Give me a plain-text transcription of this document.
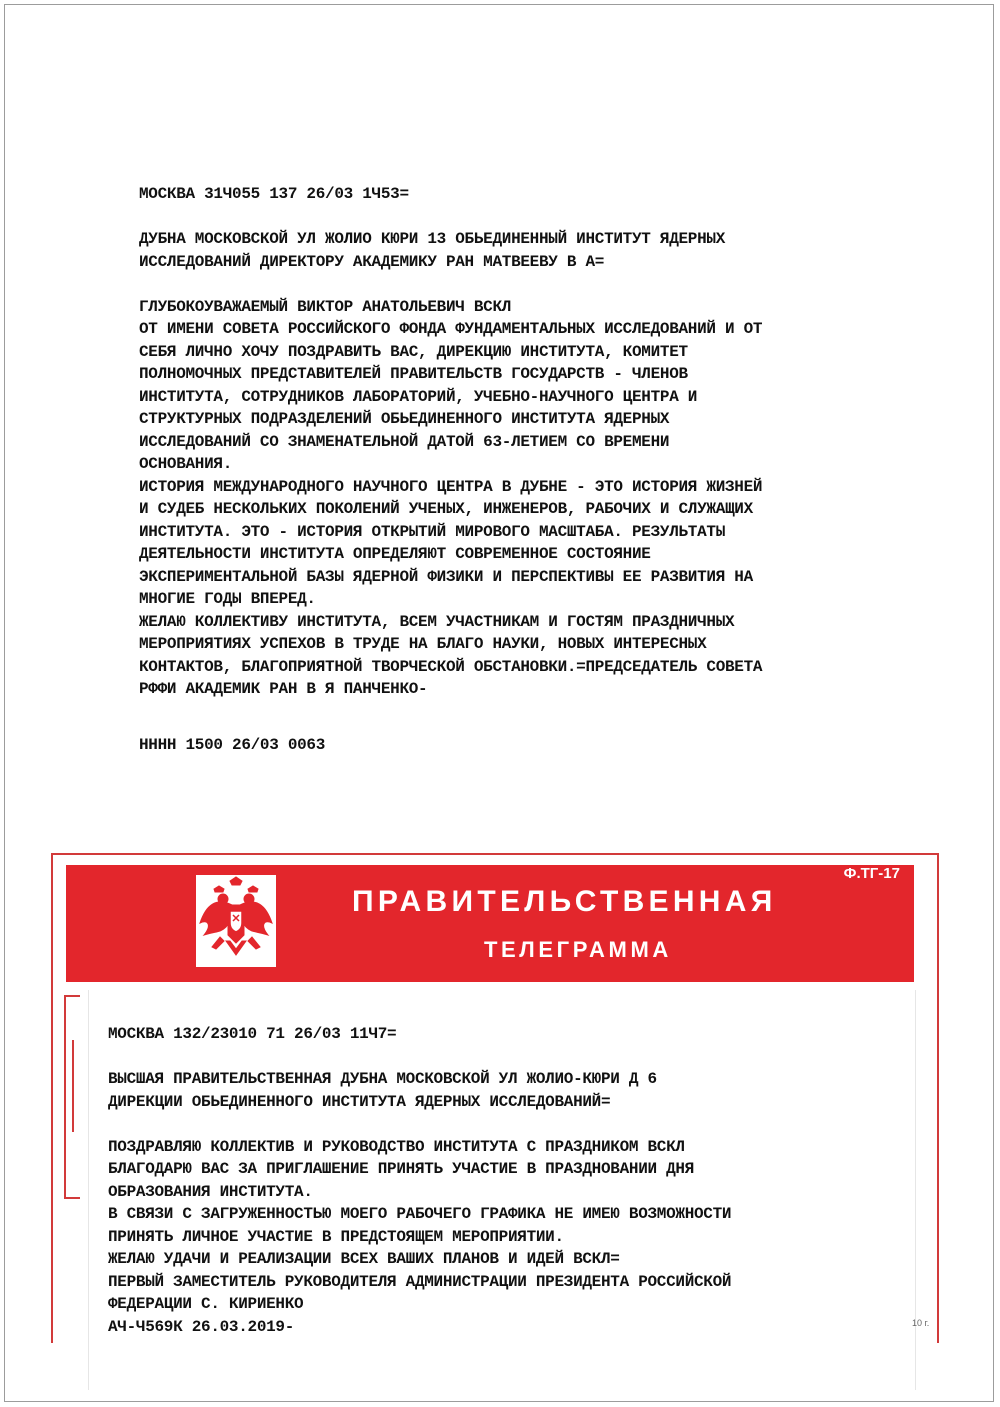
МОСКВА 31Ч055 137 26/03 1Ч53=
ДУБНА МОСКОВСКОЙ УЛ ЖОЛИО КЮРИ 13 ОБЬЕДИНЕННЫЙ ИНСТИТУТ ЯДЕРНЫХ
ИССЛЕДОВАНИЙ ДИРЕКТОРУ АКАДЕМИКУ РАН МАТВЕЕВУ В А=
ГЛУБОКОУВАЖАЕМЫЙ ВИКТОР АНАТОЛЬЕВИЧ ВСКЛ
ОТ ИМЕНИ СОВЕТА РОССИЙСКОГО ФОНДА ФУНДАМЕНТАЛЬНЫХ ИССЛЕДОВАНИЙ И ОТ
СЕБЯ ЛИЧНО ХОЧУ ПОЗДРАВИТЬ ВАС, ДИРЕКЦИЮ ИНСТИТУТА, КОМИТЕТ
ПОЛНОМОЧНЫХ ПРЕДСТАВИТЕЛЕЙ ПРАВИТЕЛЬСТВ ГОСУДАРСТВ - ЧЛЕНОВ
ИНСТИТУТА, СОТРУДНИКОВ ЛАБОРАТОРИЙ, УЧЕБНО-НАУЧНОГО ЦЕНТРА И
СТРУКТУРНЫХ ПОДРАЗДЕЛЕНИЙ ОБЬЕДИНЕННОГО ИНСТИТУТА ЯДЕРНЫХ
ИССЛЕДОВАНИЙ СО ЗНАМЕНАТЕЛЬНОЙ ДАТОЙ 63-ЛЕТИЕМ СО ВРЕМЕНИ
ОСНОВАНИЯ.
ИСТОРИЯ МЕЖДУНАРОДНОГО НАУЧНОГО ЦЕНТРА В ДУБНЕ - ЭТО ИСТОРИЯ ЖИЗНЕЙ
И СУДЕБ НЕСКОЛЬКИХ ПОКОЛЕНИЙ УЧЕНЫХ, ИНЖЕНЕРОВ, РАБОЧИХ И СЛУЖАЩИХ
ИНСТИТУТА. ЭТО - ИСТОРИЯ ОТКРЫТИЙ МИРОВОГО МАСШТАБА. РЕЗУЛЬТАТЫ
ДЕЯТЕЛЬНОСТИ ИНСТИТУТА ОПРЕДЕЛЯЮТ СОВРЕМЕННОЕ СОСТОЯНИЕ
ЭКСПЕРИМЕНТАЛЬНОЙ БАЗЫ ЯДЕРНОЙ ФИЗИКИ И ПЕРСПЕКТИВЫ ЕЕ РАЗВИТИЯ НА
МНОГИЕ ГОДЫ ВПЕРЕД.
ЖЕЛАЮ КОЛЛЕКТИВУ ИНСТИТУТА, ВСЕМ УЧАСТНИКАМ И ГОСТЯМ ПРАЗДНИЧНЫХ
МЕРОПРИЯТИЯХ УСПЕХОВ В ТРУДЕ НА БЛАГО НАУКИ, НОВЫХ ИНТЕРЕСНЫХ
КОНТАКТОВ, БЛАГОПРИЯТНОЙ ТВОРЧЕСКОЙ ОБСТАНОВКИ.=ПРЕДСЕДАТЕЛЬ СОВЕТА
РФФИ АКАДЕМИК РАН В Я ПАНЧЕНКО-
НННН 1500 26/03 0063
Ф.ТГ-17
ПРАВИТЕЛЬСТВЕННАЯ
ТЕЛЕГРАММА
МОСКВА 132/23010 71 26/03 11Ч7=
ВЫСШАЯ ПРАВИТЕЛЬСТВЕННАЯ ДУБНА МОСКОВСКОЙ УЛ ЖОЛИО-КЮРИ Д 6
ДИРЕКЦИИ ОБЬЕДИНЕННОГО ИНСТИТУТА ЯДЕРНЫХ ИССЛЕДОВАНИЙ=
ПОЗДРАВЛЯЮ КОЛЛЕКТИВ И РУКОВОДСТВО ИНСТИТУТА С ПРАЗДНИКОМ ВСКЛ
БЛАГОДАРЮ ВАС ЗА ПРИГЛАШЕНИЕ ПРИНЯТЬ УЧАСТИЕ В ПРАЗДНОВАНИИ ДНЯ
ОБРАЗОВАНИЯ ИНСТИТУТА.
В СВЯЗИ С ЗАГРУЖЕННОСТЬЮ МОЕГО РАБОЧЕГО ГРАФИКА НЕ ИМЕЮ ВОЗМОЖНОСТИ
ПРИНЯТЬ ЛИЧНОЕ УЧАСТИЕ В ПРЕДСТОЯЩЕМ МЕРОПРИЯТИИ.
ЖЕЛАЮ УДАЧИ И РЕАЛИЗАЦИИ ВСЕХ ВАШИХ ПЛАНОВ И ИДЕЙ ВСКЛ=
ПЕРВЫЙ ЗАМЕСТИТЕЛЬ РУКОВОДИТЕЛЯ АДМИНИСТРАЦИИ ПРЕЗИДЕНТА РОССИЙСКОЙ
ФЕДЕРАЦИИ С. КИРИЕНКО
АЧ-Ч569К 26.03.2019-	10 г.
